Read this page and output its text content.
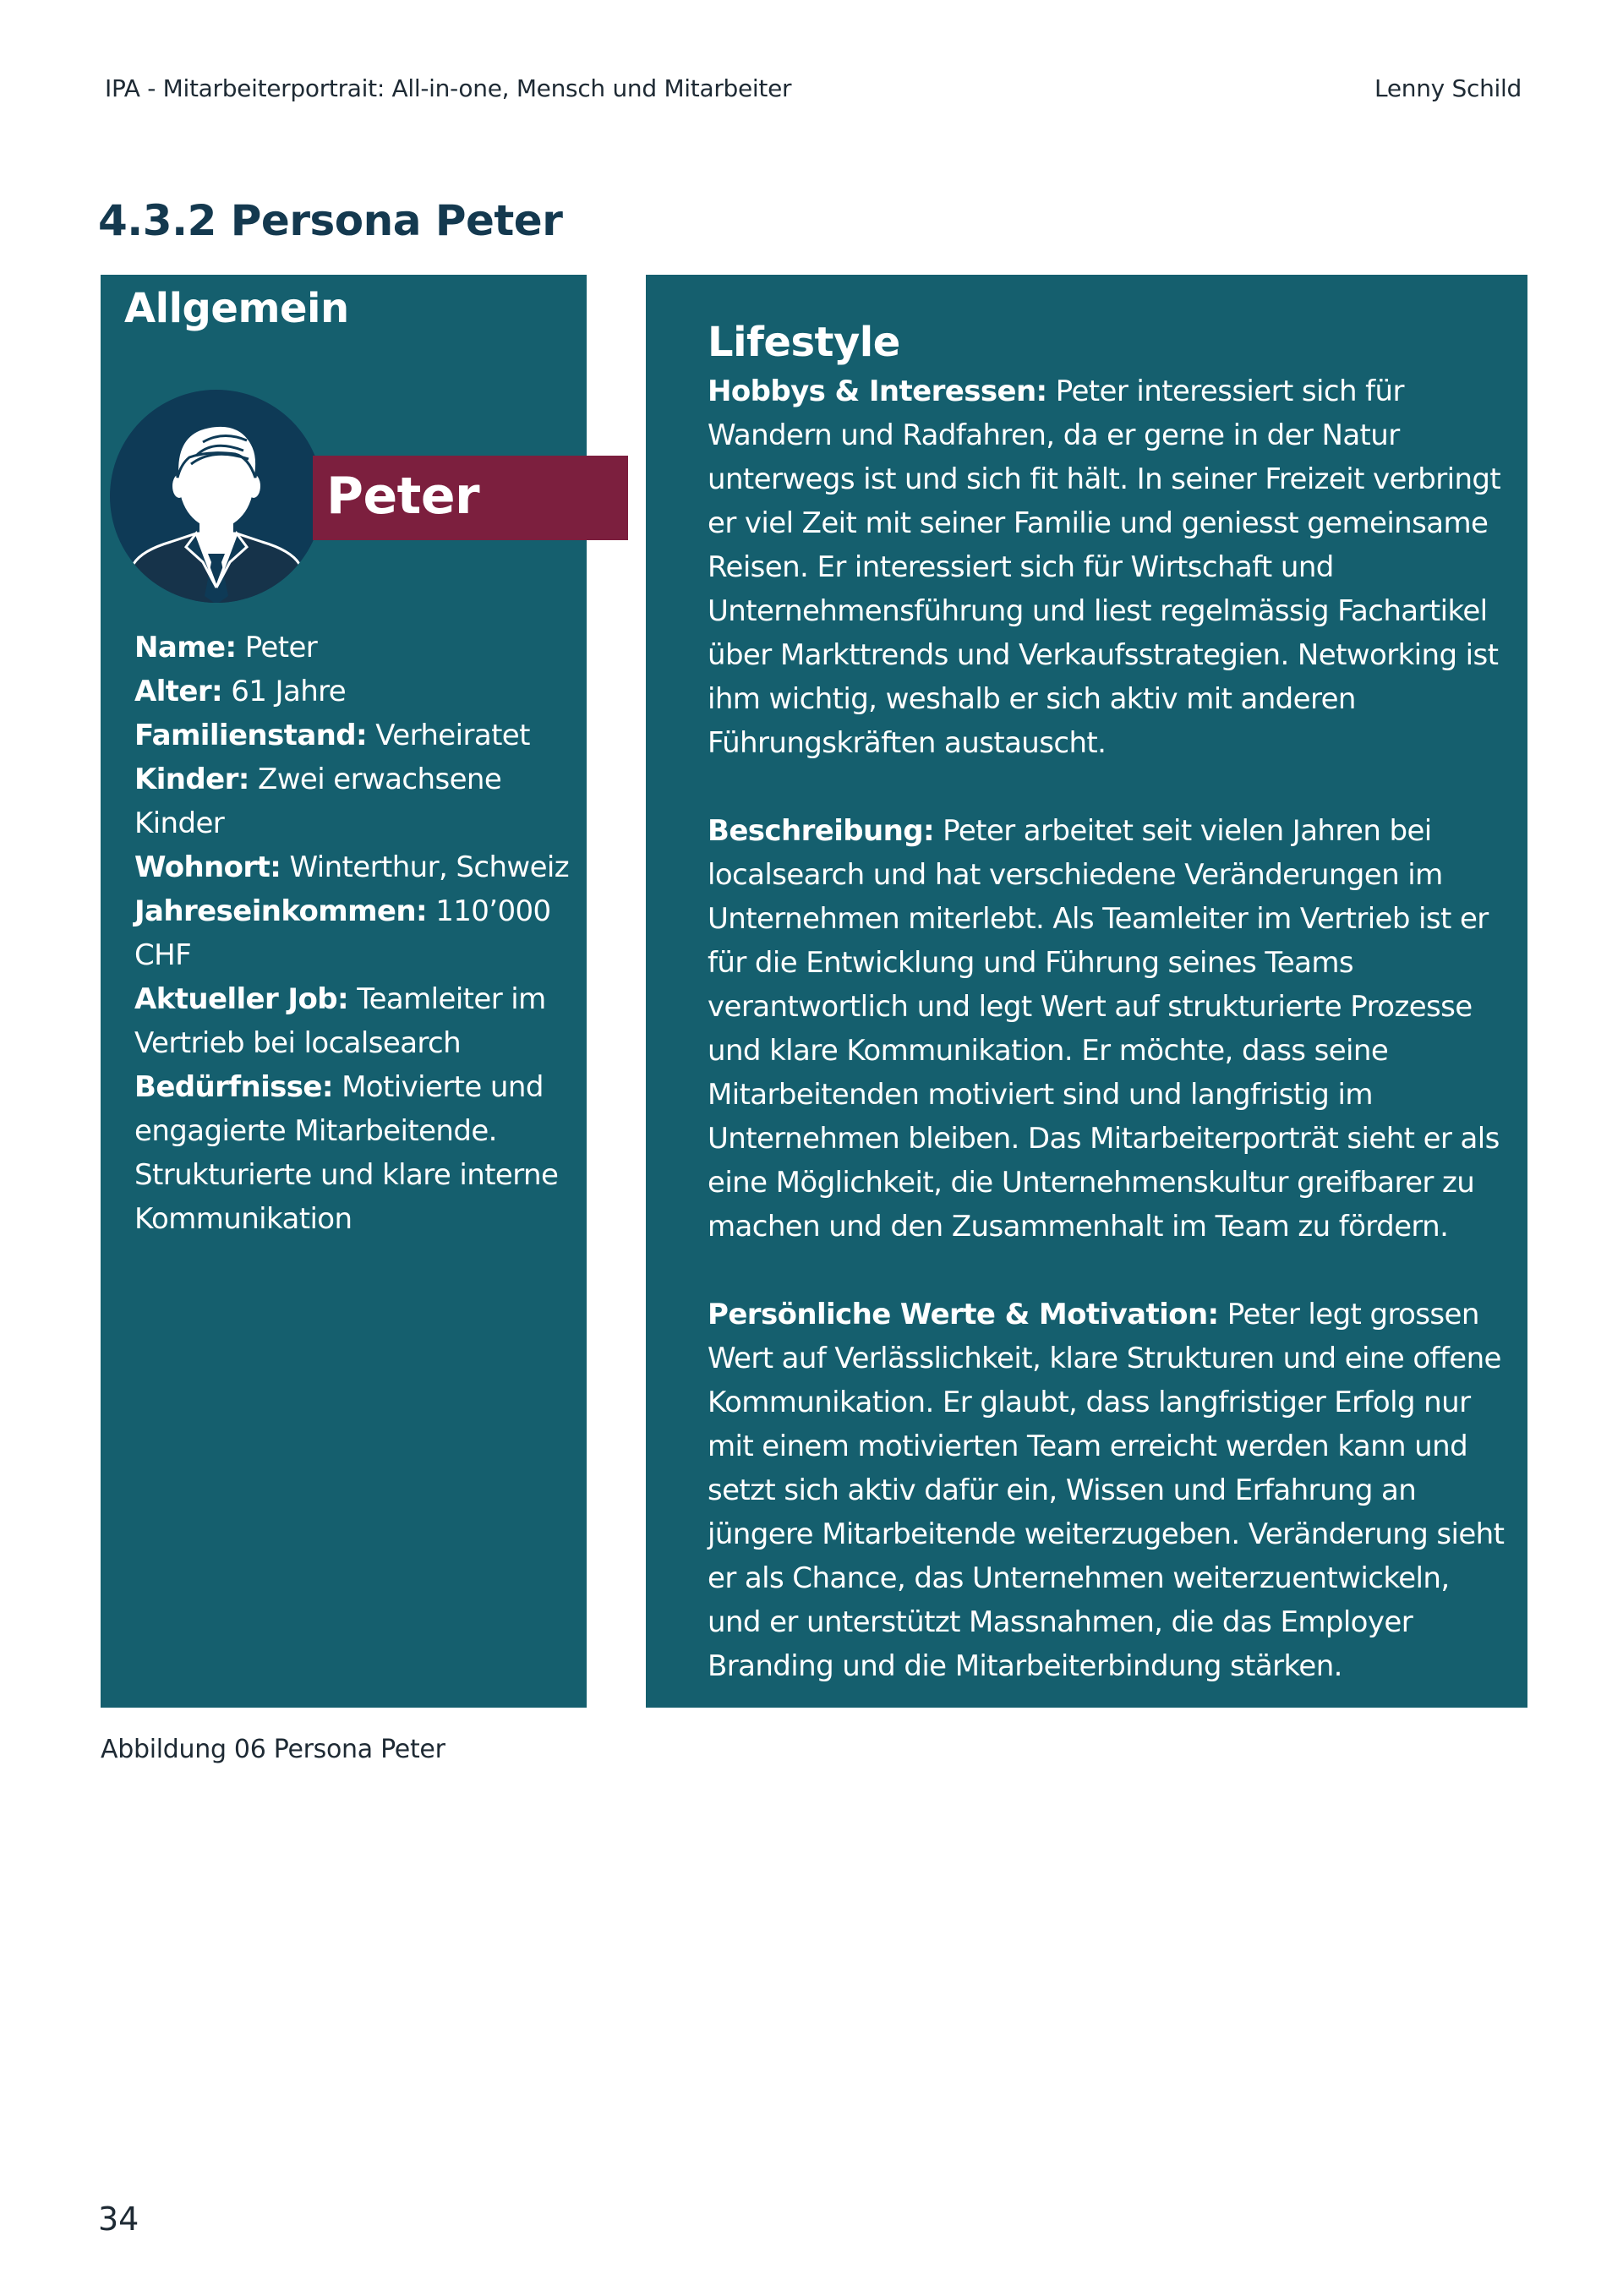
IPA - Mitarbeiterportrait: All-in-one, Mensch und Mitarbeiter	Lenny Schild
4.3.2 Persona Peter
Allgemein
Name: Peter
Alter: 61 Jahre
Familienstand: Verheiratet
Kinder: Zwei erwachsene Kinder
Wohnort: Winterthur, Schweiz
Jahreseinkommen: 110’000 CHF
Aktueller Job: Teamleiter im Vertrieb bei localsearch
Bedürfnisse: Motivierte und engagierte Mitarbeitende. Strukturierte und klare interne Kommunikation
Lifestyle

Hobbys & Interessen: Peter interessiert sich für Wandern und Radfahren, da er gerne in der Natur unterwegs ist und sich fit hält. In seiner Freizeit verbringt er viel Zeit mit seiner Familie und geniesst gemeinsame Reisen. Er interessiert sich für Wirtschaft und Unternehmensführung und liest regelmässig Fachartikel über Markttrends und Verkaufsstrategien. Networking ist ihm wichtig, weshalb er sich aktiv mit anderen Führungskräften austauscht.

Beschreibung: Peter arbeitet seit vielen Jahren bei localsearch und hat verschiedene Veränderungen im Unternehmen miterlebt. Als Teamleiter im Vertrieb ist er für die Entwicklung und Führung seines Teams verantwortlich und legt Wert auf strukturierte Prozesse und klare Kommunikation. Er möchte, dass seine Mitarbeitenden motiviert sind und langfristig im Unternehmen bleiben. Das Mitarbeiterporträt sieht er als eine Möglichkeit, die Unternehmenskultur greifbarer zu machen und den Zusammenhalt im Team zu fördern.

Persönliche Werte & Motivation: Peter legt grossen Wert auf Verlässlichkeit, klare Strukturen und eine offene Kommunikation. Er glaubt, dass langfristiger Erfolg nur mit einem motivierten Team erreicht werden kann und setzt sich aktiv dafür ein, Wissen und Erfahrung an jüngere Mitarbeitende weiterzugeben. Veränderung sieht er als Chance, das Unternehmen weiterzuentwickeln, und er unterstützt Massnahmen, die das Employer Branding und die Mitarbeiterbindung stärken.

Peter
Abbildung 06 Persona Peter
34
